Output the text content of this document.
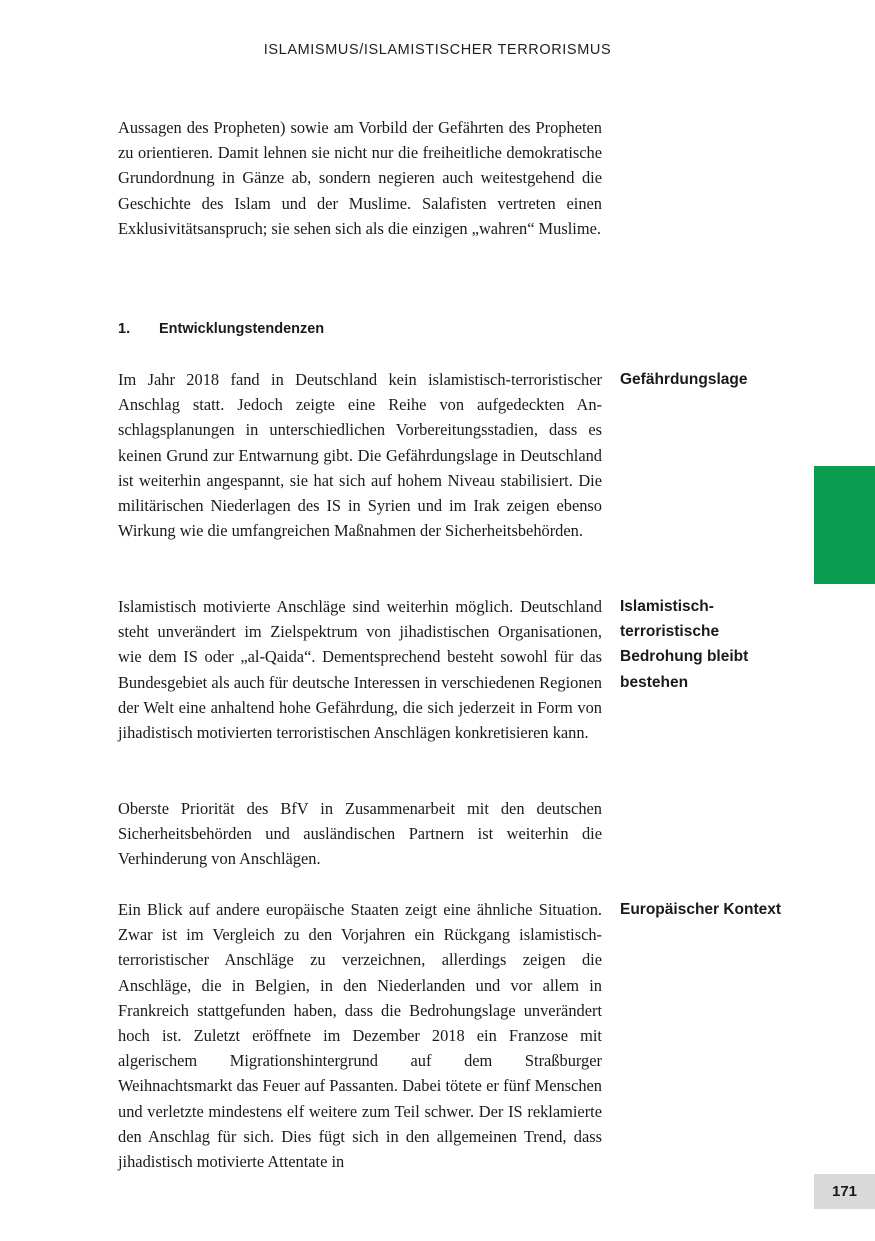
ISLAMISMUS/ISLAMISTISCHER TERRORISMUS

Aussagen des Propheten) sowie am Vorbild der Gefährten des Propheten zu orientieren. Damit lehnen sie nicht nur die freiheitliche demokratische Grundordnung in Gänze ab, sondern negieren auch weitestgehend die Geschichte des Islam und der Muslime. Salafisten vertreten einen Exklusivitätsanspruch; sie sehen sich als die einzigen „wahren“ Muslime.

1. Entwicklungstendenzen

Im Jahr 2018 fand in Deutschland kein islamistisch-terroristischer Anschlag statt. Jedoch zeigte eine Reihe von aufgedeckten Anschlagsplanungen in unterschiedlichen Vorbereitungsstadien, dass es keinen Grund zur Entwarnung gibt. Die Gefährdungslage in Deutschland ist weiterhin angespannt, sie hat sich auf hohem Niveau stabilisiert. Die militärischen Niederlagen des IS in Syrien und im Irak zeigen ebenso Wirkung wie die umfangreichen Maßnahmen der Sicherheitsbehörden.

Gefährdungslage

Islamistisch motivierte Anschläge sind weiterhin möglich. Deutschland steht unverändert im Zielspektrum von jihadistischen Organisationen, wie dem IS oder „al-Qaida“. Dementsprechend besteht sowohl für das Bundesgebiet als auch für deutsche Interessen in verschiedenen Regionen der Welt eine anhaltend hohe Gefährdung, die sich jederzeit in Form von jihadistisch motivierten terroristischen Anschlägen konkretisieren kann.

Islamistisch-terroristische Bedrohung bleibt bestehen

Oberste Priorität des BfV in Zusammenarbeit mit den deutschen Sicherheitsbehörden und ausländischen Partnern ist weiterhin die Verhinderung von Anschlägen.

Ein Blick auf andere europäische Staaten zeigt eine ähnliche Situation. Zwar ist im Vergleich zu den Vorjahren ein Rückgang islamistisch-terroristischer Anschläge zu verzeichnen, allerdings zeigen die Anschläge, die in Belgien, in den Niederlanden und vor allem in Frankreich stattgefunden haben, dass die Bedrohungslage unverändert hoch ist. Zuletzt eröffnete im Dezember 2018 ein Franzose mit algerischem Migrationshintergrund auf dem Straßburger Weihnachtsmarkt das Feuer auf Passanten. Dabei tötete er fünf Menschen und verletzte mindestens elf weitere zum Teil schwer. Der IS reklamierte den Anschlag für sich. Dies fügt sich in den allgemeinen Trend, dass jihadistisch motivierte Attentate in

Europäischer Kontext

171
